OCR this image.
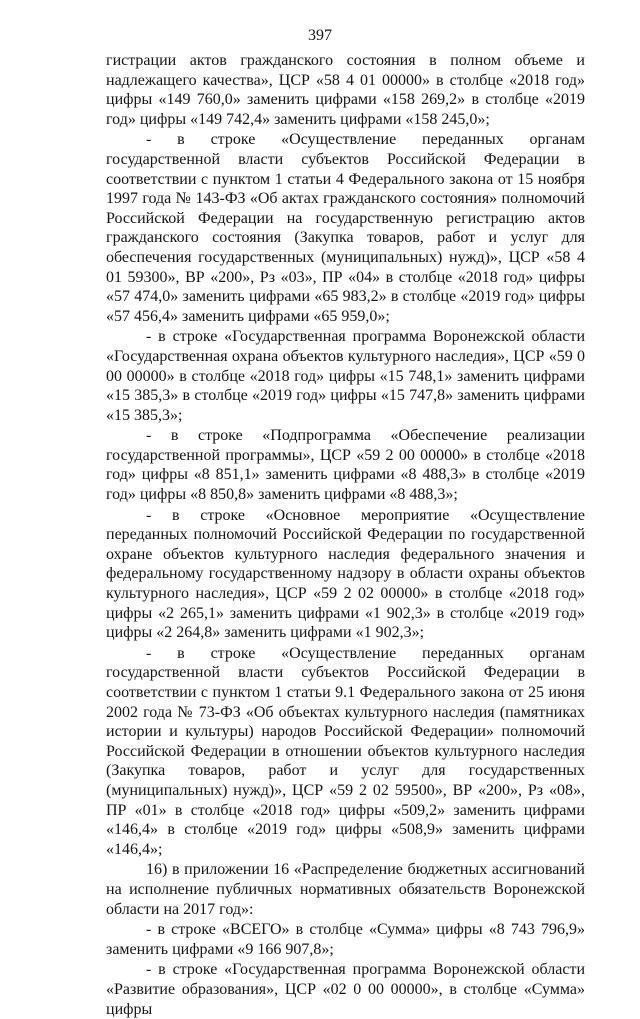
397

гистрации актов гражданского состояния в полном объеме и надлежащего качества», ЦСР «58 4 01 00000» в столбце «2018 год» цифры «149 760,0» заменить цифрами «158 269,2» в столбце «2019 год» цифры «149 742,4» заменить цифрами «158 245,0»;

- в строке «Осуществление переданных органам государственной власти субъектов Российской Федерации в соответствии с пунктом 1 статьи 4 Федерального закона от 15 ноября 1997 года № 143-ФЗ «Об актах гражданского состояния» полномочий Российской Федерации на государственную регистрацию актов гражданского состояния (Закупка товаров, работ и услуг для обеспечения государственных (муниципальных) нужд)», ЦСР «58 4 01 59300», ВР «200», Рз «03», ПР «04» в столбце «2018 год» цифры «57 474,0» заменить цифрами «65 983,2» в столбце «2019 год» цифры «57 456,4» заменить цифрами «65 959,0»;

- в строке «Государственная программа Воронежской области «Государственная охрана объектов культурного наследия», ЦСР «59 0 00 00000» в столбце «2018 год» цифры «15 748,1» заменить цифрами «15 385,3» в столбце «2019 год» цифры «15 747,8» заменить цифрами «15 385,3»;

- в строке «Подпрограмма «Обеспечение реализации государственной программы», ЦСР «59 2 00 00000» в столбце «2018 год» цифры «8 851,1» заменить цифрами «8 488,3» в столбце «2019 год» цифры «8 850,8» заменить цифрами «8 488,3»;

- в строке «Основное мероприятие «Осуществление переданных полномочий Российской Федерации по государственной охране объектов культурного наследия федерального значения и федеральному государственному надзору в области охраны объектов культурного наследия», ЦСР «59 2 02 00000» в столбце «2018 год» цифры «2 265,1» заменить цифрами «1 902,3» в столбце «2019 год» цифры «2 264,8» заменить цифрами «1 902,3»;

- в строке «Осуществление переданных органам государственной власти субъектов Российской Федерации в соответствии с пунктом 1 статьи 9.1 Федерального закона от 25 июня 2002 года № 73-ФЗ «Об объектах культурного наследия (памятниках истории и культуры) народов Российской Федерации» полномочий Российской Федерации в отношении объектов культурного наследия (Закупка товаров, работ и услуг для государственных (муниципальных) нужд)», ЦСР «59 2 02 59500», ВР «200», Рз «08», ПР «01» в столбце «2018 год» цифры «509,2» заменить цифрами «146,4» в столбце «2019 год» цифры «508,9» заменить цифрами «146,4»;

16) в приложении 16 «Распределение бюджетных ассигнований на исполнение публичных нормативных обязательств Воронежской области на 2017 год»:

- в строке «ВСЕГО» в столбце «Сумма» цифры «8 743 796,9» заменить цифрами «9 166 907,8»;

- в строке «Государственная программа Воронежской области «Развитие образования», ЦСР «02 0 00 00000», в столбце «Сумма» цифры
